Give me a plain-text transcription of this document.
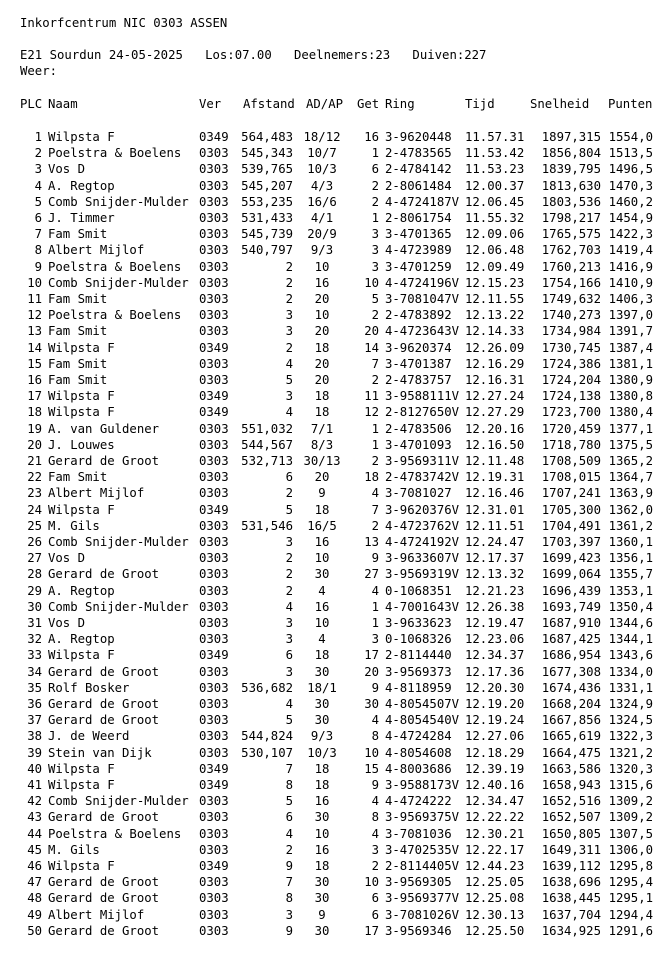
Inkorfcentrum NIC 0303 ASSEN
E21 Sourdun 24-05-2025 Los:07.00 Deelnemers:23 Duiven:227
Weer:
PLC Naam	Ver Afstand AD/AP	Get Ring	Tijd	Snelheid Punten
1 Wilpsta F	0349 564,483 18/12	16 3-9620448 11.57.31	1897,315 1554,0
2 Poelstra & Boelens 0303 545,343	10/7	1 2-4783565 11.53.42	1856,804 1513,5
3 Vos D	0303 539,765	10/3	6 2-4784142 11.53.23	1839,795 1496,5
4 A. Regtop	0303 545,207	4/3	2 2-8061484 12.00.37	1813,630 1470,3
5 Comb Snijder-Mulder 0303 553,235	16/6	2 4-4724187V 12.06.45	1803,536 1460,2
6 J. Timmer	0303 531,433	4/1	1 2-8061754 11.55.32	1798,217 1454,9
7 Fam Smit	0303 545,739	20/9	3 3-4701365 12.09.06	1765,575 1422,3
8 Albert Mijlof	0303 540,797	9/3	3 4-4723989 12.06.48	1762,703 1419,4
9 Poelstra & Boelens 0303	2	10	3 3-4701259 12.09.49	1760,213 1416,9
10 Comb Snijder-Mulder 0303	2	16	10 4-4724196V 12.15.23	1754,166 1410,9
11 Fam Smit	0303	2	20	5 3-7081047V 12.11.55	1749,632 1406,3
12 Poelstra & Boelens 0303	3	10	2 2-4783892 12.13.22	1740,273 1397,0
13 Fam Smit	0303	3	20	20 4-4723643V 12.14.33	1734,984 1391,7
14 Wilpsta F	0349	2	18	14 3-9620374 12.26.09	1730,745 1387,4
15 Fam Smit	0303	4	20	7 3-4701387 12.16.29	1724,386 1381,1
16 Fam Smit	0303	5	20	2 2-4783757 12.16.31	1724,204 1380,9
17 Wilpsta F	0349	3	18	11 3-9588111V 12.27.24	1724,138 1380,8
18 Wilpsta F	0349	4	18	12 2-8127650V 12.27.29	1723,700 1380,4
19 A. van Guldener	0303 551,032	7/1	1 2-4783506 12.20.16	1720,459 1377,1
20 J. Louwes	0303 544,567	8/3	1 3-4701093 12.16.50	1718,780 1375,5
21 Gerard de Groot	0303 532,713 30/13	2 3-9569311V 12.11.48	1708,509 1365,2
22 Fam Smit	0303	6	20	18 2-4783742V 12.19.31	1708,015 1364,7
23 Albert Mijlof	0303	2	9	4 3-7081027 12.16.46	1707,241 1363,9
24 Wilpsta F	0349	5	18	7 3-9620376V 12.31.01	1705,300 1362,0
25 M. Gils	0303 531,546	16/5	2 4-4723762V 12.11.51	1704,491 1361,2
26 Comb Snijder-Mulder 0303	3	16	13 4-4724192V 12.24.47	1703,397 1360,1
27 Vos D	0303	2	10	9 3-9633607V 12.17.37	1699,423 1356,1
28 Gerard de Groot	0303	2	30	27 3-9569319V 12.13.32	1699,064 1355,7
29 A. Regtop	0303	2	4	4 0-1068351 12.21.23	1696,439 1353,1
30 Comb Snijder-Mulder 0303	4	16	1 4-7001643V 12.26.38	1693,749 1350,4
31 Vos D	0303	3	10	1 3-9633623 12.19.47	1687,910 1344,6
32 A. Regtop	0303	3	4	3 0-1068326 12.23.06	1687,425 1344,1
33 Wilpsta F	0349	6	18	17 2-8114440 12.34.37	1686,954 1343,6
34 Gerard de Groot	0303	3	30	20 3-9569373 12.17.36	1677,308 1334,0
35 Rolf Bosker	0303 536,682	18/1	9 4-8118959 12.20.30	1674,436 1331,1
36 Gerard de Groot	0303	4	30	30 4-8054507V 12.19.20	1668,204 1324,9
37 Gerard de Groot	0303	5	30	4 4-8054540V 12.19.24	1667,856 1324,5
38 J. de Weerd	0303 544,824	9/3	8 4-4724284 12.27.06	1665,619 1322,3
39 Stein van Dijk	0303 530,107	10/3	10 4-8054608 12.18.29	1664,475 1321,2
40 Wilpsta F	0349	7	18	15 4-8003686 12.39.19	1663,586 1320,3
41 Wilpsta F	0349	8	18	9 3-9588173V 12.40.16	1658,943 1315,6
42 Comb Snijder-Mulder 0303	5	16	4 4-4724222 12.34.47	1652,516 1309,2
43 Gerard de Groot	0303	6	30	8 3-9569375V 12.22.22	1652,507 1309,2
44 Poelstra & Boelens 0303	4	10	4 3-7081036 12.30.21	1650,805 1307,5
45 M. Gils	0303	2	16	3 3-4702535V 12.22.17	1649,311 1306,0
46 Wilpsta F	0349	9	18	2 2-8114405V 12.44.23	1639,112 1295,8
47 Gerard de Groot	0303	7	30	10 3-9569305 12.25.05	1638,696 1295,4
48 Gerard de Groot	0303	8	30	6 3-9569377V 12.25.08	1638,445 1295,1
49 Albert Mijlof	0303	3	9	6 3-7081026V 12.30.13	1637,704 1294,4
50 Gerard de Groot	0303	9	30	17 3-9569346 12.25.50	1634,925 1291,6
